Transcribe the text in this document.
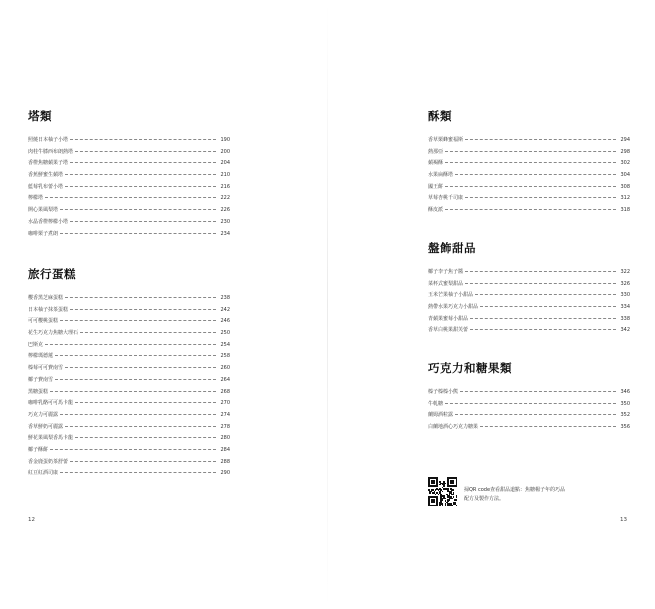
塔類
照燒日本柚子小塔	190
肉桂牛膝西布朗熱塔	200
香橙焦糖蘋果子塔	204
香蕉鮮蜜生蘋塔	210
藍莓乳布蕾小塔	216
檸檬塔	222
開心果風梨塔	226
水晶香橙檸檬小塔	230
咖啡栗子煮朗	234
旅行蛋糕
櫻香黑芝麻蛋糕	238
日本柚子抹茶蛋糕	242
可可櫻桃蛋糕	246
花生巧克力焦糖大理石	250
巴斯克	254
檸檬瑪德蓮	258
榛莓可可費南雪	260
椰子費南雪	264
黑糖蛋糕	268
咖啡乳酪可可馬卡龍	270
巧克力可麗露	274
香草鮮奶可麗露	278
鮮花果風梨香馬卡龍	280
椰子酥餅	284
香金鹿蛋奶茶舒蕾	288
紅豆紅酒司康	290
12
酥類
香草栗蜂蜜福斯	294
熱那亞	298
蘋褐酥	302
水果扁酥塔	304
國王餅	308
草莓杏桃千司康	312
酥皮派	318
盤飾甜品
椰子李子焦子醬	322
菜杯式蜜梨甜品	326
玉米芒果柚子小甜品	330
熱帶水果巧克力小甜品	334
青蘋果蜜莓小甜品	338
香草白桃果甜芙蕾	342
巧克力和糖果類
榛子榛榛小熊	346
牛軋糖	350
蘭姆酒粒露	352
白蘭地酒心巧克力糖果	356
掃QR code查看甜品道點：焦糖楊子年的巧品
配方及製作方法。
13
